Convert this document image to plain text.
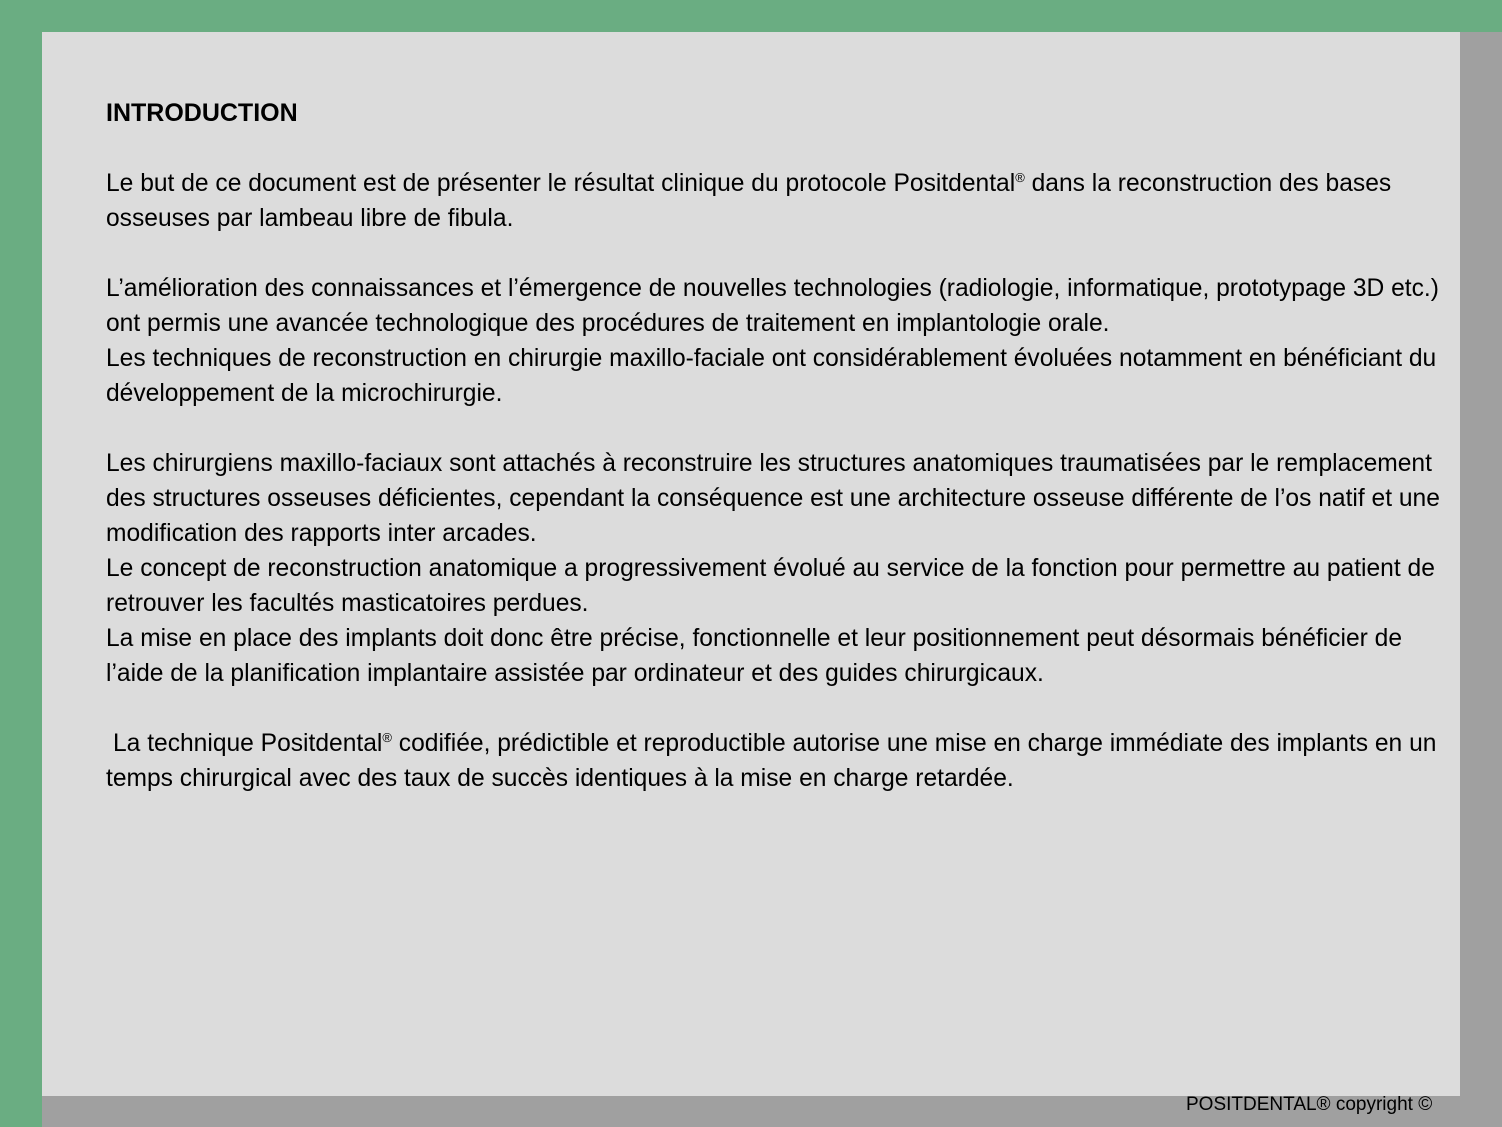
INTRODUCTION

Le but de ce document est de présenter le résultat clinique du protocole Positdental® dans la reconstruction des bases osseuses par lambeau libre de fibula.

L’amélioration des connaissances et l’émergence de nouvelles technologies (radiologie, informatique, prototypage 3D etc.) ont permis une avancée technologique des procédures de traitement en implantologie orale.

Les techniques de reconstruction en chirurgie maxillo-faciale ont considérablement évoluées notamment en bénéficiant du développement de la microchirurgie.

Les chirurgiens maxillo-faciaux sont attachés à reconstruire les structures anatomiques traumatisées par le remplacement des structures osseuses déficientes, cependant la conséquence est une architecture osseuse différente de l’os natif et une modification des rapports inter arcades.

Le concept de reconstruction anatomique a progressivement évolué au service de la fonction pour permettre au patient de retrouver les facultés masticatoires perdues.

La mise en place des implants doit donc être précise, fonctionnelle et leur positionnement peut désormais bénéficier de l’aide de la planification implantaire assistée par ordinateur et des guides chirurgicaux.

La technique Positdental® codifiée, prédictible et reproductible autorise une mise en charge immédiate des implants en un temps chirurgical avec des taux de succès identiques à la mise en charge retardée.

POSITDENTAL® copyright ©
